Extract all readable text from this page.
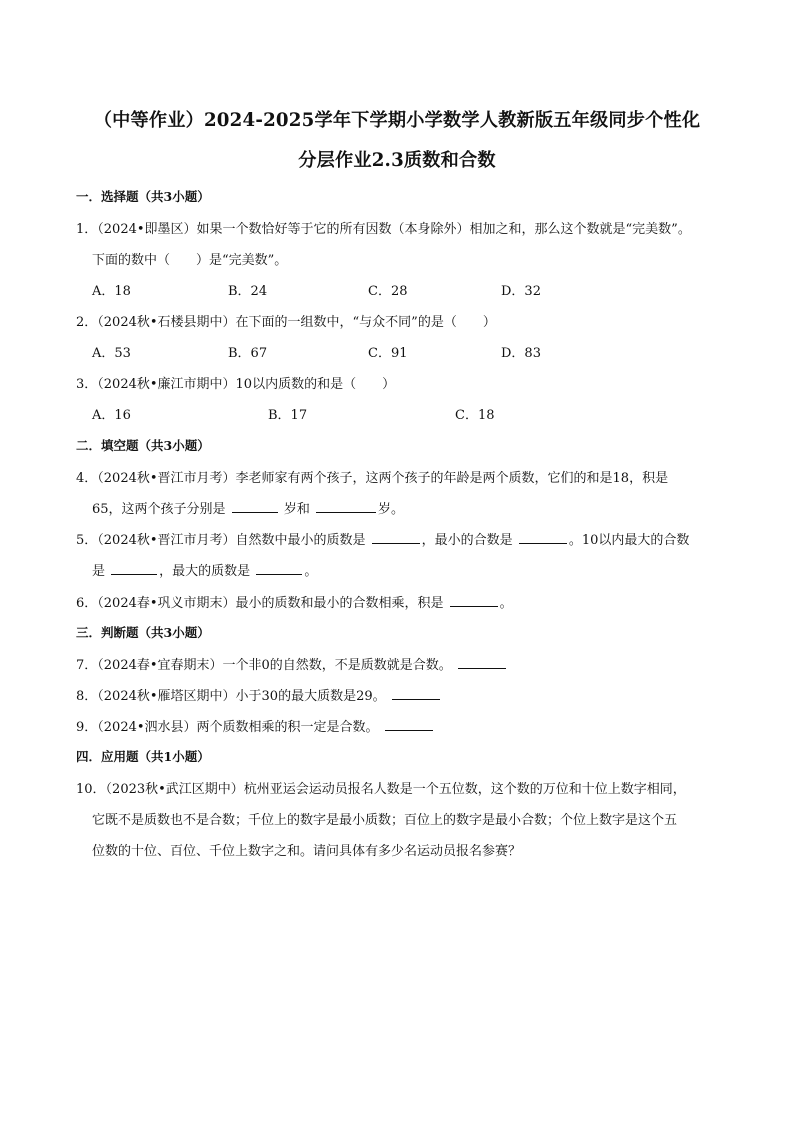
（中等作业）2024-2025学年下学期小学数学人教新版五年级同步个性化
分层作业2.3质数和合数
一．选择题（共3小题）
1．（2024•即墨区）如果一个数恰好等于它的所有因数（本身除外）相加之和，那么这个数就是“完美数”。
下面的数中（　　）是“完美数”。
A．18	B．24	C．28	D．32
2．（2024秋•石楼县期中）在下面的一组数中，“与众不同”的是（　　）
A．53	B．67	C．91	D．83
3．（2024秋•廉江市期中）10以内质数的和是（　　）
A．16	B．17	C．18
二．填空题（共3小题）
4．（2024秋•晋江市月考）李老师家有两个孩子，这两个孩子的年龄是两个质数，它们的和是18，积是
65，这两个孩子分别是	岁和	岁。
5．（2024秋•晋江市月考）自然数中最小的质数是	，最小的合数是	。10以内最大的合数
是	，最大的质数是	。
6．（2024春•巩义市期末）最小的质数和最小的合数相乘，积是	。
三．判断题（共3小题）
7．（2024春•宜春期末）一个非0的自然数，不是质数就是合数。
8．（2024秋•雁塔区期中）小于30的最大质数是29。
9．（2024•泗水县）两个质数相乘的积一定是合数。
四．应用题（共1小题）
10．（2023秋•武江区期中）杭州亚运会运动员报名人数是一个五位数，这个数的万位和十位上数字相同，
它既不是质数也不是合数；千位上的数字是最小质数；百位上的数字是最小合数；个位上数字是这个五
位数的十位、百位、千位上数字之和。请问具体有多少名运动员报名参赛？
